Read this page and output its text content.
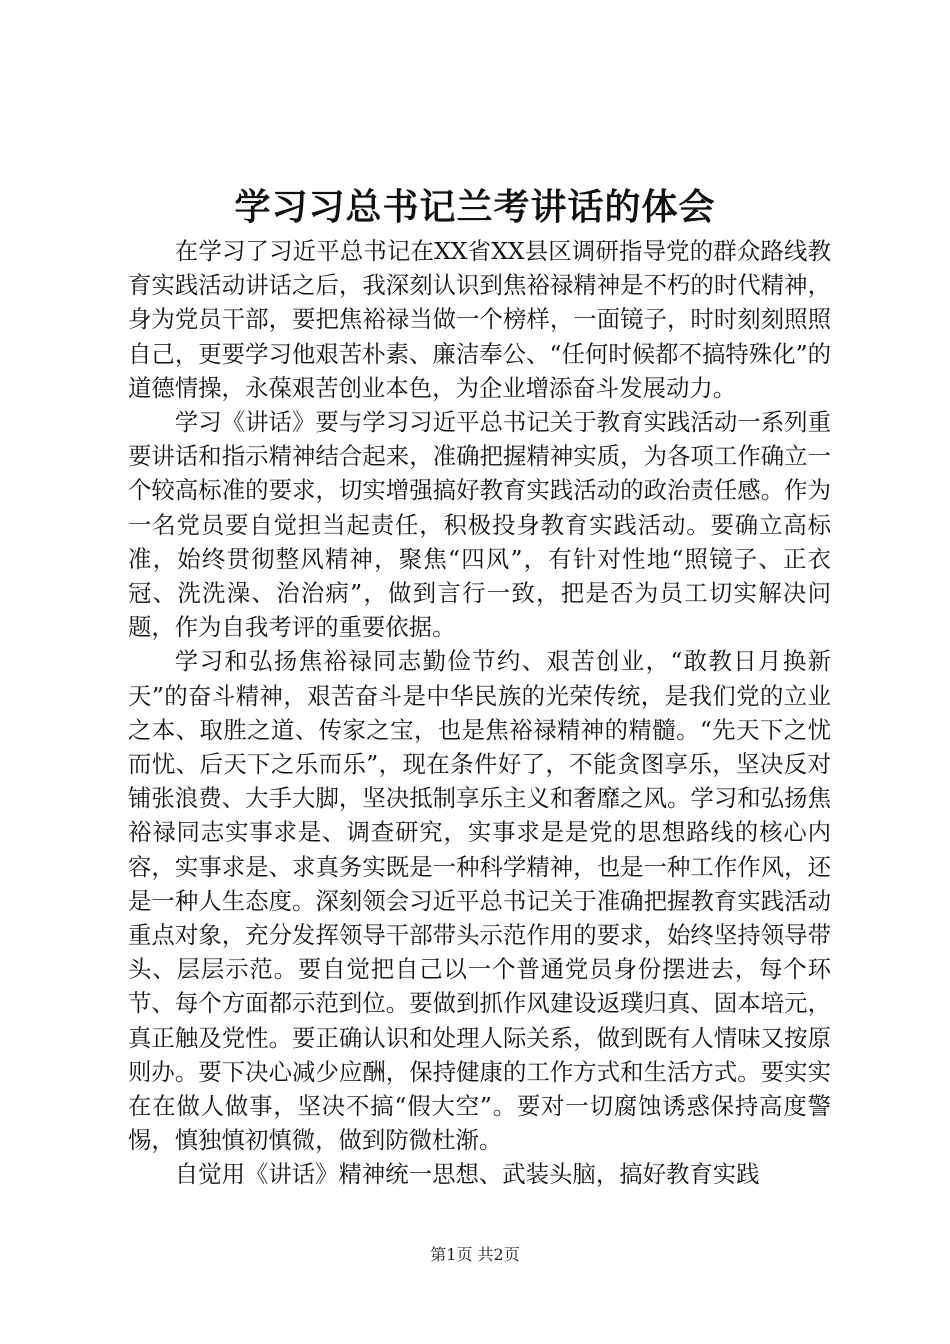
学习习总书记兰考讲话的体会

在学习了习近平总书记在XX省XX县区调研指导党的群众路线教育实践活动讲话之后，我深刻认识到焦裕禄精神是不朽的时代精神，身为党员干部，要把焦裕禄当做一个榜样，一面镜子，时时刻刻照照自己，更要学习他艰苦朴素、廉洁奉公、“任何时候都不搞特殊化”的道德情操，永葆艰苦创业本色，为企业增添奋斗发展动力。

学习《讲话》要与学习习近平总书记关于教育实践活动一系列重要讲话和指示精神结合起来，准确把握精神实质，为各项工作确立一个较高标准的要求，切实增强搞好教育实践活动的政治责任感。作为一名党员要自觉担当起责任，积极投身教育实践活动。要确立高标准，始终贯彻整风精神，聚焦“四风”，有针对性地“照镜子、正衣冠、洗洗澡、治治病”，做到言行一致，把是否为员工切实解决问题，作为自我考评的重要依据。

学习和弘扬焦裕禄同志勤俭节约、艰苦创业，“敢教日月换新天”的奋斗精神，艰苦奋斗是中华民族的光荣传统，是我们党的立业之本、取胜之道、传家之宝，也是焦裕禄精神的精髓。“先天下之忧而忧、后天下之乐而乐”，现在条件好了，不能贪图享乐，坚决反对铺张浪费、大手大脚，坚决抵制享乐主义和奢靡之风。学习和弘扬焦裕禄同志实事求是、调查研究，实事求是是党的思想路线的核心内容，实事求是、求真务实既是一种科学精神，也是一种工作作风，还是一种人生态度。深刻领会习近平总书记关于准确把握教育实践活动重点对象，充分发挥领导干部带头示范作用的要求，始终坚持领导带头、层层示范。要自觉把自己以一个普通党员身份摆进去，每个环节、每个方面都示范到位。要做到抓作风建设返璞归真、固本培元，真正触及党性。要正确认识和处理人际关系，做到既有人情味又按原则办。要下决心减少应酬，保持健康的工作方式和生活方式。要实实在在做人做事，坚决不搞“假大空”。要对一切腐蚀诱惑保持高度警惕，慎独慎初慎微，做到防微杜渐。

自觉用《讲话》精神统一思想、武装头脑，搞好教育实践

第1页 共2页
